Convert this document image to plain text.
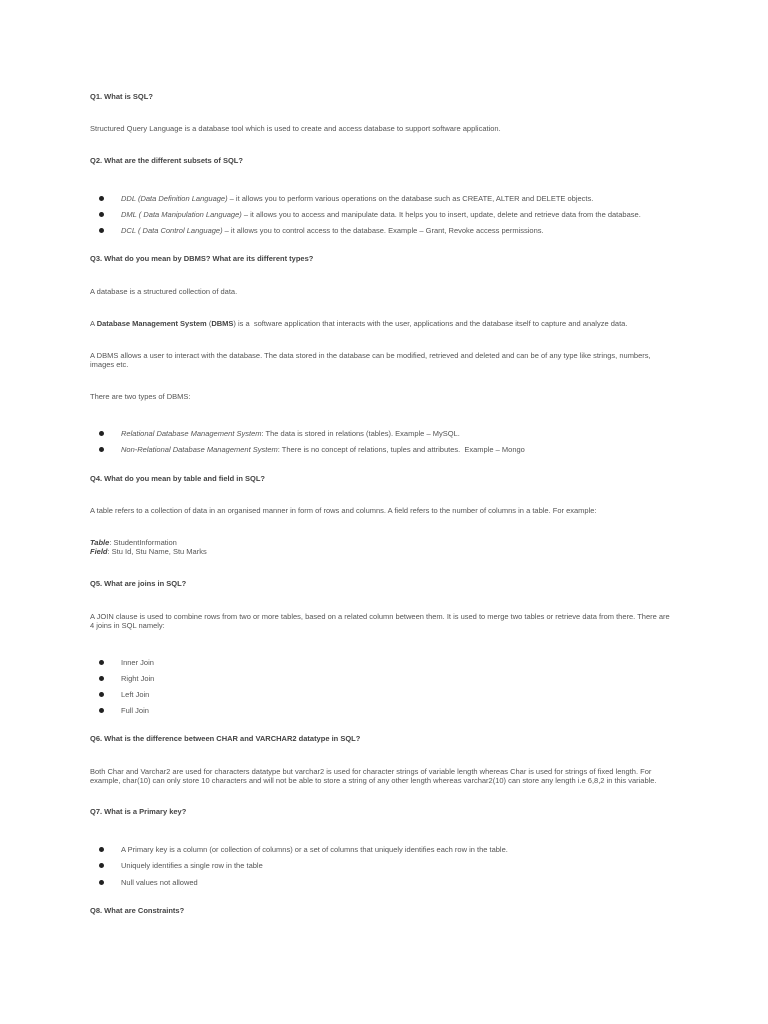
Q1. What is SQL?
Structured Query Language is a database tool which is used to create and access database to support software application.
Q2. What are the different subsets of SQL?
DDL (Data Definition Language) – it allows you to perform various operations on the database such as CREATE, ALTER and DELETE objects.
DML ( Data Manipulation Language) – it allows you to access and manipulate data. It helps you to insert, update, delete and retrieve data from the database.
DCL ( Data Control Language) – it allows you to control access to the database. Example – Grant, Revoke access permissions.
Q3. What do you mean by DBMS? What are its different types?
A database is a structured collection of data.
A Database Management System (DBMS) is a  software application that interacts with the user, applications and the database itself to capture and analyze data.
A DBMS allows a user to interact with the database. The data stored in the database can be modified, retrieved and deleted and can be of any type like strings, numbers,
images etc.
There are two types of DBMS:
Relational Database Management System: The data is stored in relations (tables). Example – MySQL.
Non-Relational Database Management System: There is no concept of relations, tuples and attributes.  Example – Mongo
Q4. What do you mean by table and field in SQL?
A table refers to a collection of data in an organised manner in form of rows and columns. A field refers to the number of columns in a table. For example:
Table: StudentInformation
Field: Stu Id, Stu Name, Stu Marks
Q5. What are joins in SQL?
A JOIN clause is used to combine rows from two or more tables, based on a related column between them. It is used to merge two tables or retrieve data from there. There are
4 joins in SQL namely:
Inner Join
Right Join
Left Join
Full Join
Q6. What is the difference between CHAR and VARCHAR2 datatype in SQL?
Both Char and Varchar2 are used for characters datatype but varchar2 is used for character strings of variable length whereas Char is used for strings of fixed length. For
example, char(10) can only store 10 characters and will not be able to store a string of any other length whereas varchar2(10) can store any length i.e 6,8,2 in this variable.
Q7. What is a Primary key?
A Primary key is a column (or collection of columns) or a set of columns that uniquely identifies each row in the table.
Uniquely identifies a single row in the table
Null values not allowed
Q8. What are Constraints?
